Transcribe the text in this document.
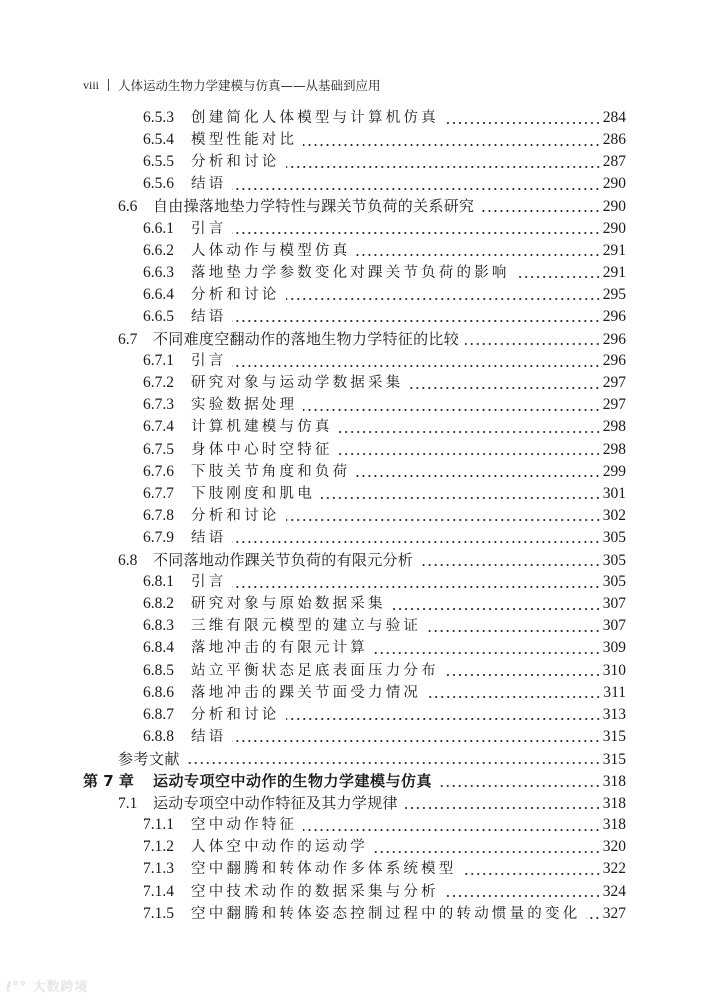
viii 人体运动生物力学建模与仿真——从基础到应用
6.5.3	创建简化人体模型与计算机仿真	284
6.5.4	模型性能对比	286
6.5.5	分析和讨论	287
6.5.6	结语	290
6.6	自由操落地垫力学特性与踝关节负荷的关系研究	290
6.6.1	引言	290
6.6.2	人体动作与模型仿真	291
6.6.3	落地垫力学参数变化对踝关节负荷的影响	291
6.6.4	分析和讨论	295
6.6.5	结语	296
6.7	不同难度空翻动作的落地生物力学特征的比较	296
6.7.1	引言	296
6.7.2	研究对象与运动学数据采集	297
6.7.3	实验数据处理	297
6.7.4	计算机建模与仿真	298
6.7.5	身体中心时空特征	298
6.7.6	下肢关节角度和负荷	299
6.7.7	下肢刚度和肌电	301
6.7.8	分析和讨论	302
6.7.9	结语	305
6.8	不同落地动作踝关节负荷的有限元分析	305
6.8.1	引言	305
6.8.2	研究对象与原始数据采集	307
6.8.3	三维有限元模型的建立与验证	307
6.8.4	落地冲击的有限元计算	309
6.8.5	站立平衡状态足底表面压力分布	310
6.8.6	落地冲击的踝关节面受力情况	311
6.8.7	分析和讨论	313
6.8.8	结语	315
参考文献	315
第 7 章	运动专项空中动作的生物力学建模与仿真	318
7.1	运动专项空中动作特征及其力学规律	318
7.1.1	空中动作特征	318
7.1.2	人体空中动作的运动学	320
7.1.3	空中翻腾和转体动作多体系统模型	322
7.1.4	空中技术动作的数据采集与分析	324
7.1.5	空中翻腾和转体姿态控制过程中的转动惯量的变化 327
ℓ°° 大数跨境
